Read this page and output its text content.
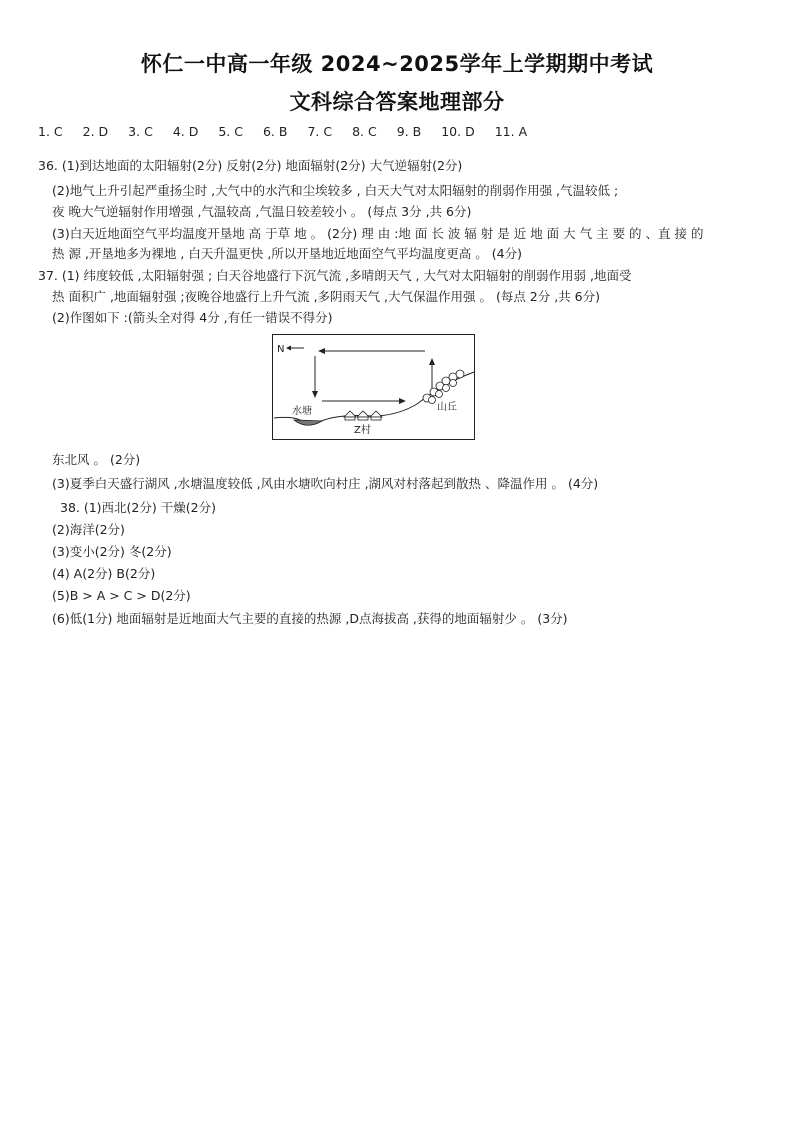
怀仁一中高一年级 2024~2025学年上学期期中考试
文科综合答案地理部分
1. C 2. D 3. C 4. D 5. C 6. B 7. C 8. C 9. B 10. D 11. A
36. (1)到达地面的太阳辐射(2分) 反射(2分) 地面辐射(2分) 大气逆辐射(2分)
(2)地气上升引起严重扬尘时 ,大气中的水汽和尘埃较多 , 白天大气对太阳辐射的削弱作用强 ,气温较低 ;
夜 晚大气逆辐射作用增强 ,气温较高 ,气温日较差较小 。 (每点 3分 ,共 6分)
(3)白天近地面空气平均温度开垦地 高 于草 地 。 (2分) 理 由 :地 面 长 波 辐 射 是 近 地 面 大 气 主 要 的 、直 接 的
热 源 ,开垦地多为裸地 , 白天升温更快 ,所以开垦地近地面空气平均温度更高 。 (4分)
37. (1) 纬度较低 ,太阳辐射强 ; 白天谷地盛行下沉气流 ,多晴朗天气 , 大气对太阳辐射的削弱作用弱 ,地面受
热 面积广 ,地面辐射强 ;夜晚谷地盛行上升气流 ,多阴雨天气 ,大气保温作用强 。 (每点 2分 ,共 6分)
(2)作图如下 :(箭头全对得 4分 ,有任一错误不得分)
N
水塘
Z村
山丘
东北风 。 (2分)
(3)夏季白天盛行湖风 ,水塘温度较低 ,风由水塘吹向村庄 ,湖风对村落起到散热 、降温作用 。 (4分)
38. (1)西北(2分) 干燥(2分)
(2)海洋(2分)
(3)变小(2分) 冬(2分)
(4) A(2分) B(2分)
(5)B > A > C > D(2分)
(6)低(1分) 地面辐射是近地面大气主要的直接的热源 ,D点海拔高 ,获得的地面辐射少 。 (3分)
